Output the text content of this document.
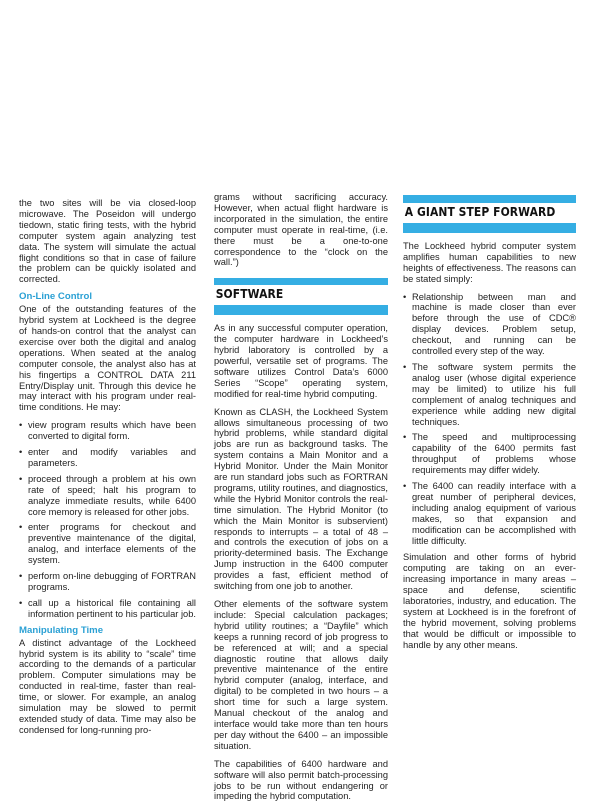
the two sites will be via closed-loop microwave. The Poseidon will undergo tiedown, static firing tests, with the hybrid computer system again analyzing test data. The system will simulate the actual flight conditions so that in case of failure the problem can be quickly isolated and corrected.

On-Line Control

One of the outstanding features of the hybrid system at Lockheed is the degree of hands-on control that the analyst can exercise over both the digital and analog operations. When seated at the analog computer console, the analyst also has at his fingertips a CONTROL DATA 211 Entry/Display unit. Through this device he may interact with his program under real-time conditions. He may:

• view program results which have been converted to digital form.
• enter and modify variables and parameters.
• proceed through a problem at his own rate of speed; halt his program to analyze immediate results, while 6400 core memory is released for other jobs.
• enter programs for checkout and preventive maintenance of the digital, analog, and interface elements of the system.
• perform on-line debugging of FORTRAN programs.
• call up a historical file containing all information pertinent to his particular job.
Manipulating Time

A distinct advantage of the Lockheed hybrid system is its ability to “scale” time according to the demands of a particular problem. Computer simulations may be conducted in real-time, faster than real-time, or slower. For example, an analog simulation may be slowed to permit extended study of data. Time may also be condensed for long-running pro-

grams without sacrificing accuracy. However, when actual flight hardware is incorporated in the simulation, the entire computer must operate in real-time, (i.e. there must be a one-to-one correspondence to the “clock on the wall.”)

SOFTWARE

As in any successful computer operation, the computer hardware in Lockheed’s hybrid laboratory is controlled by a powerful, versatile set of programs. The software utilizes Control Data’s 6000 Series “Scope” operating system, modified for real-time hybrid computing.

Known as CLASH, the Lockheed System allows simultaneous processing of two hybrid problems, while standard digital jobs are run as background tasks. The system contains a Main Monitor and a Hybrid Monitor. Under the Main Monitor are run standard jobs such as FORTRAN programs, utility routines, and diagnostics, while the Hybrid Monitor controls the real-time simulation. The Hybrid Monitor (to which the Main Monitor is subservient) responds to interrupts – a total of 48 – and controls the execution of jobs on a priority-determined basis. The Exchange Jump instruction in the 6400 computer provides a fast, efficient method of switching from one job to another.

Other elements of the software system include: Special calculation packages; hybrid utility routines; a “Dayfile” which keeps a running record of job progress to be referenced at will; and a special diagnostic routine that allows daily preventive maintenance of the entire hybrid computer (analog, interface, and digital) to be completed in two hours – a short time for such a large system. Manual checkout of the analog and interface would take more than ten hours per day without the 6400 – an impossible situation.

The capabilities of 6400 hardware and software will also permit batch-processing jobs to be run without endangering or impeding the hybrid computation.

A GIANT STEP FORWARD

The Lockheed hybrid computer system amplifies human capabilities to new heights of effectiveness. The reasons can be stated simply:

• Relationship between man and machine is made closer than ever before through the use of CDC® display devices. Problem setup, checkout, and running can be controlled every step of the way.
• The software system permits the analog user (whose digital experience may be limited) to utilize his full complement of analog techniques and experience while adding new digital techniques.
• The speed and multiprocessing capability of the 6400 permits fast throughput of problems whose requirements may differ widely.
• The 6400 can readily interface with a great number of peripheral devices, including analog equipment of various makes, so that expansion and modification can be accomplished with little difficulty.

Simulation and other forms of hybrid computing are taking on an ever-increasing importance in many areas – space and defense, scientific laboratories, industry, and education. The system at Lockheed is in the forefront of the hybrid movement, solving problems that would be difficult or impossible to handle by any other means.
